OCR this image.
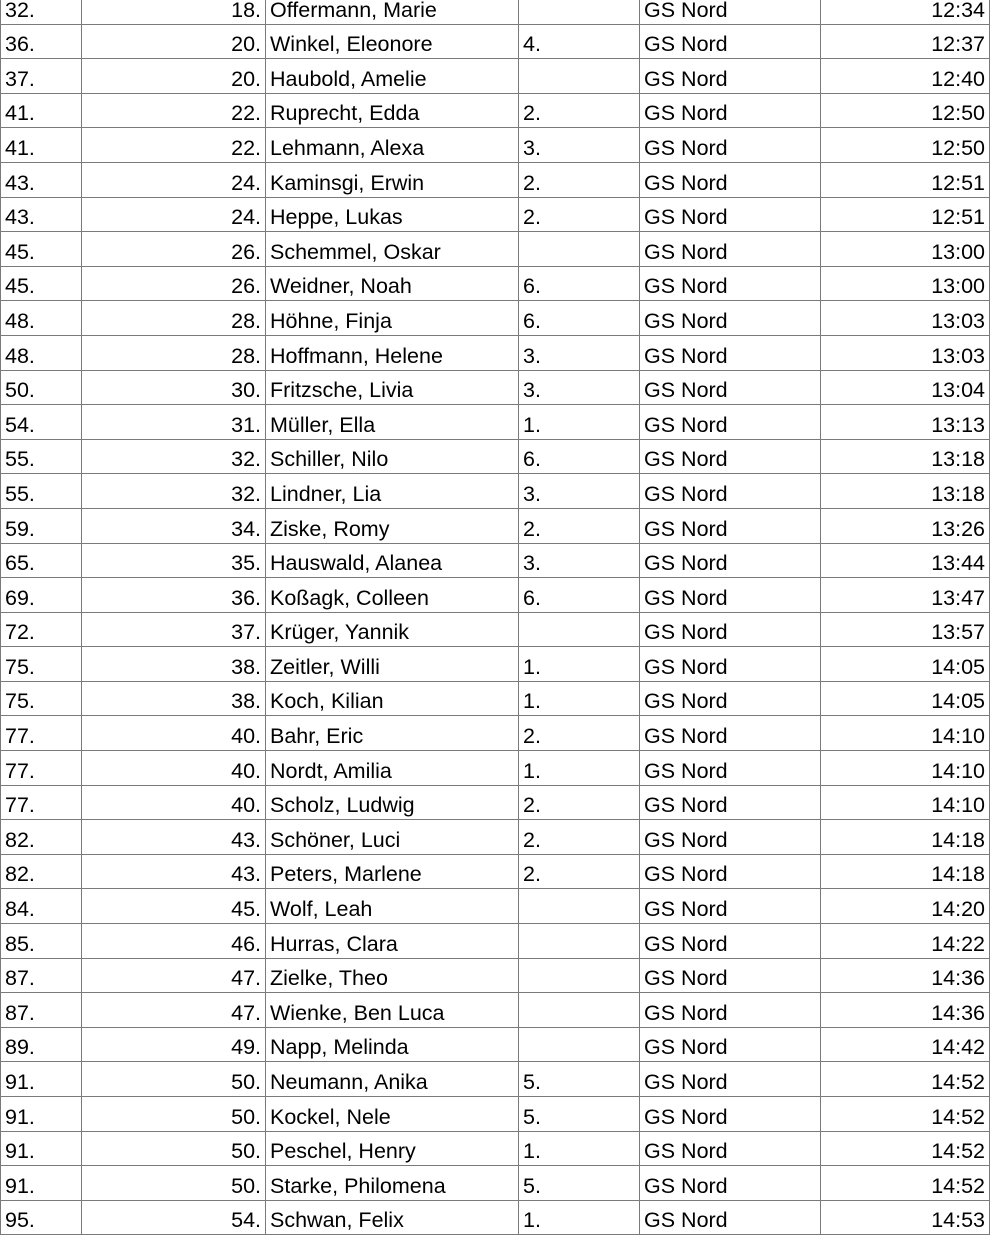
32.	18.	Offermann, Marie		GS Nord	12:34
36.	20.	Winkel, Eleonore	4.	GS Nord	12:37
37.	20.	Haubold, Amelie		GS Nord	12:40
41.	22.	Ruprecht, Edda	2.	GS Nord	12:50
41.	22.	Lehmann, Alexa	3.	GS Nord	12:50
43.	24.	Kaminsgi, Erwin	2.	GS Nord	12:51
43.	24.	Heppe, Lukas	2.	GS Nord	12:51
45.	26.	Schemmel, Oskar		GS Nord	13:00
45.	26.	Weidner, Noah	6.	GS Nord	13:00
48.	28.	Höhne, Finja	6.	GS Nord	13:03
48.	28.	Hoffmann, Helene	3.	GS Nord	13:03
50.	30.	Fritzsche, Livia	3.	GS Nord	13:04
54.	31.	Müller, Ella	1.	GS Nord	13:13
55.	32.	Schiller, Nilo	6.	GS Nord	13:18
55.	32.	Lindner, Lia	3.	GS Nord	13:18
59.	34.	Ziske, Romy	2.	GS Nord	13:26
65.	35.	Hauswald, Alanea	3.	GS Nord	13:44
69.	36.	Koßagk, Colleen	6.	GS Nord	13:47
72.	37.	Krüger, Yannik		GS Nord	13:57
75.	38.	Zeitler, Willi	1.	GS Nord	14:05
75.	38.	Koch, Kilian	1.	GS Nord	14:05
77.	40.	Bahr, Eric	2.	GS Nord	14:10
77.	40.	Nordt, Amilia	1.	GS Nord	14:10
77.	40.	Scholz, Ludwig	2.	GS Nord	14:10
82.	43.	Schöner, Luci	2.	GS Nord	14:18
82.	43.	Peters, Marlene	2.	GS Nord	14:18
84.	45.	Wolf, Leah		GS Nord	14:20
85.	46.	Hurras, Clara		GS Nord	14:22
87.	47.	Zielke, Theo		GS Nord	14:36
87.	47.	Wienke, Ben Luca		GS Nord	14:36
89.	49.	Napp, Melinda		GS Nord	14:42
91.	50.	Neumann, Anika	5.	GS Nord	14:52
91.	50.	Kockel, Nele	5.	GS Nord	14:52
91.	50.	Peschel, Henry	1.	GS Nord	14:52
91.	50.	Starke, Philomena	5.	GS Nord	14:52
95.	54.	Schwan, Felix	1.	GS Nord	14:53
